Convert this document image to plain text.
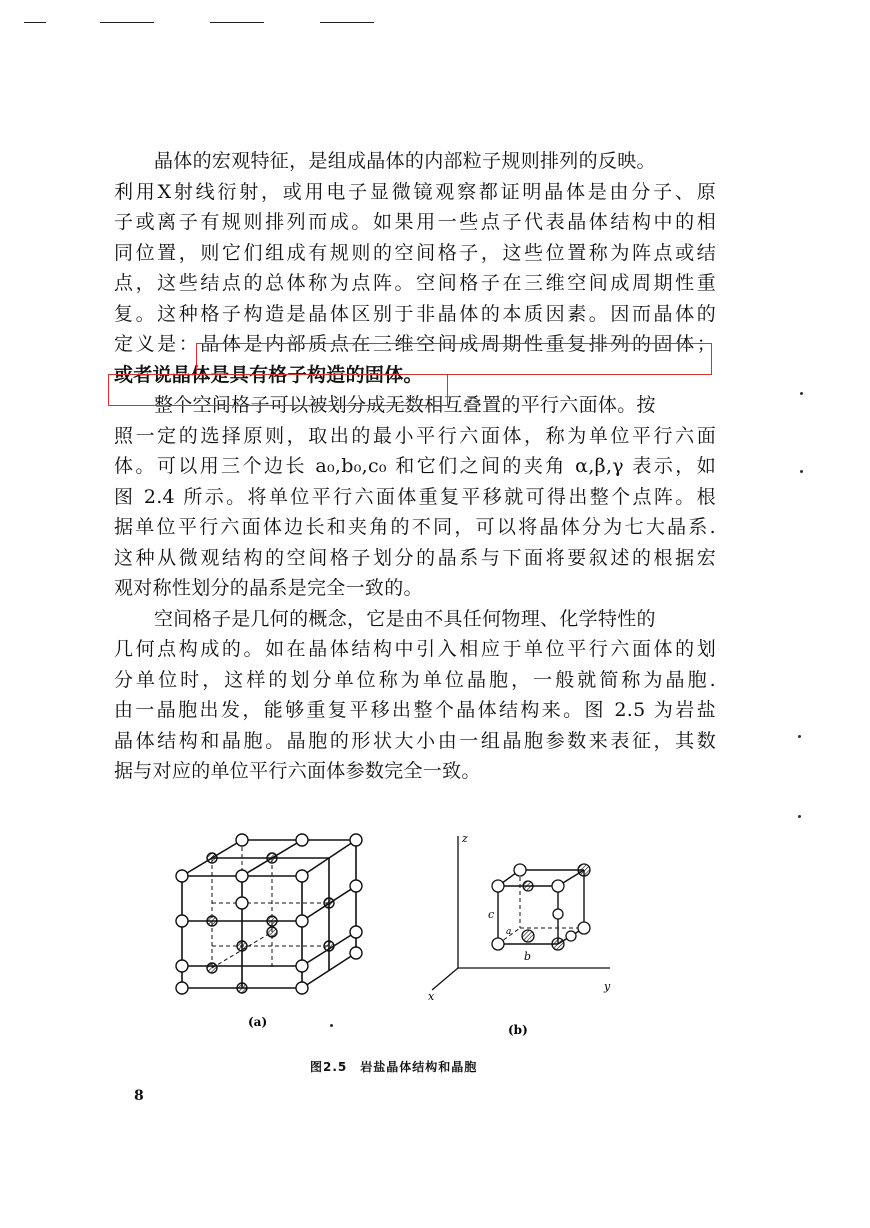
晶体的宏观特征，是组成晶体的内部粒子规则排列的反映。
利用X射线衍射，或用电子显微镜观察都证明晶体是由分子、原
子或离子有规则排列而成。如果用一些点子代表晶体结构中的相
同位置，则它们组成有规则的空间格子，这些位置称为阵点或结
点，这些结点的总体称为点阵。空间格子在三维空间成周期性重
复。这种格子构造是晶体区别于非晶体的本质因素。因而晶体的
定义是：晶体是内部质点在三维空间成周期性重复排列的固体；
或者说晶体是具有格子构造的固体。
整个空间格子可以被划分成无数相互叠置的平行六面体。按
照一定的选择原则，取出的最小平行六面体，称为单位平行六面
体。可以用三个边长 a₀,b₀,c₀ 和它们之间的夹角 α,β,γ 表示，如
图 2.4 所示。将单位平行六面体重复平移就可得出整个点阵。根
据单位平行六面体边长和夹角的不同，可以将晶体分为七大晶系.
这种从微观结构的空间格子划分的晶系与下面将要叙述的根据宏
观对称性划分的晶系是完全一致的。
空间格子是几何的概念，它是由不具任何物理、化学特性的
几何点构成的。如在晶体结构中引入相应于单位平行六面体的划
分单位时，这样的划分单位称为单位晶胞，一般就简称为晶胞.
由一晶胞出发，能够重复平移出整个晶体结构来。图 2.5 为岩盐
晶体结构和晶胞。晶胞的形状大小由一组晶胞参数来表征，其数
据与对应的单位平行六面体参数完全一致。
(a)
z
x
y
c
b
a
(b)
图2.5　岩盐晶体结构和晶胞
8
